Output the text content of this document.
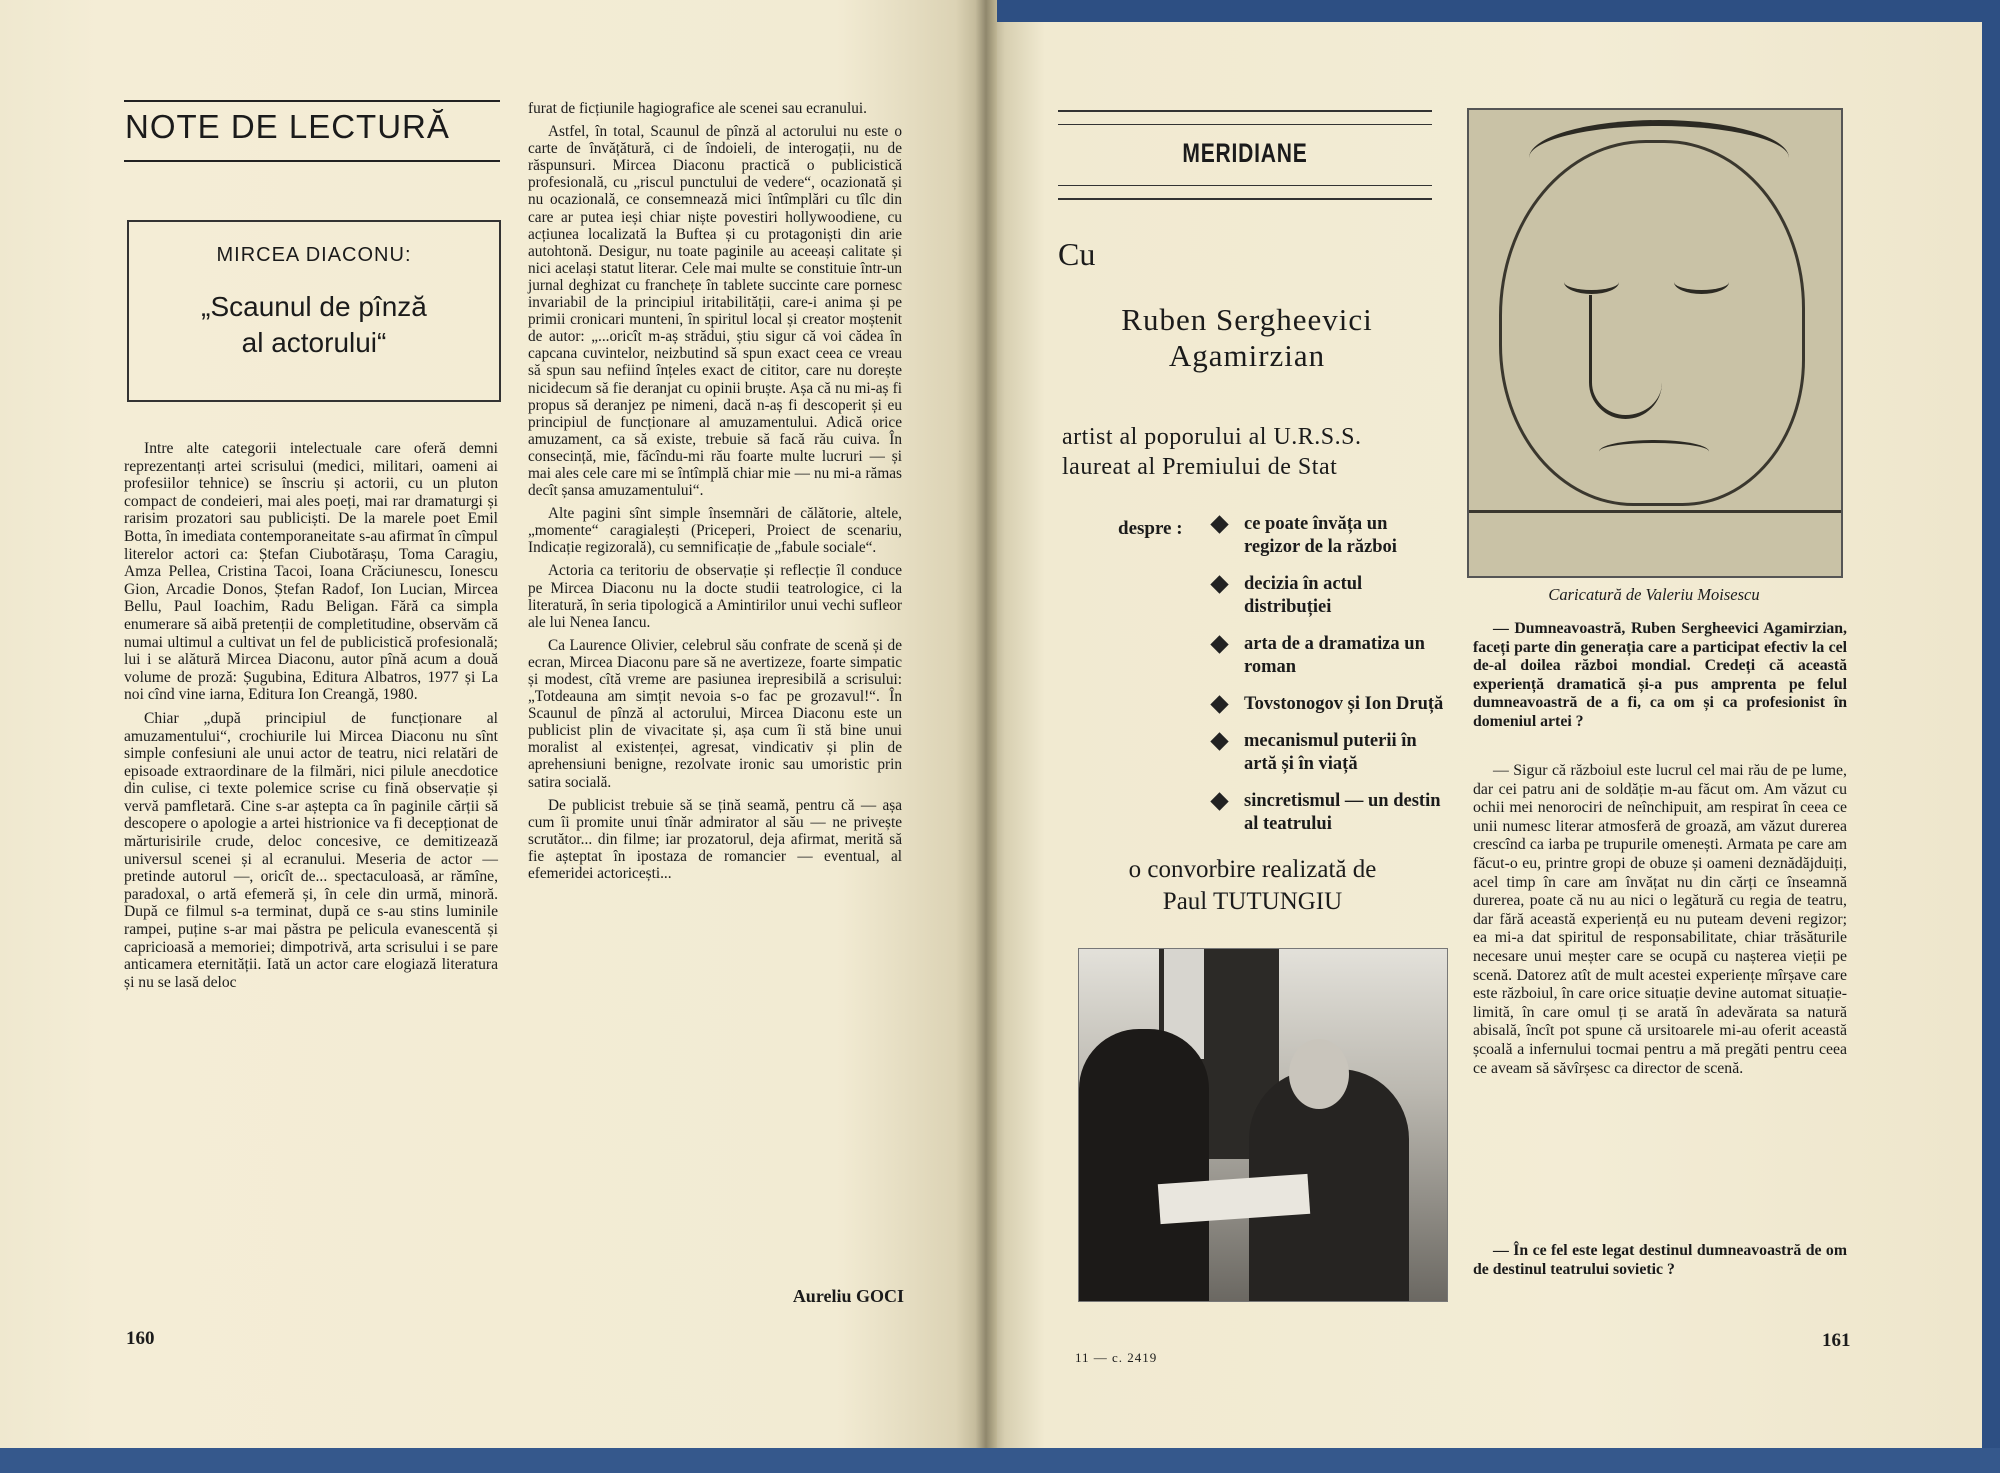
NOTE DE LECTURĂ
MIRCEA DIACONU:
„Scaunul de pînză
al actorului“

Intre alte categorii intelectuale care oferă demni reprezentanți artei scrisului (medici, militari, oameni ai profesiilor tehnice) se înscriu și actorii, cu un pluton compact de condeieri, mai ales poeți, mai rar dramaturgi și rarisim prozatori sau publiciști. De la marele poet Emil Botta, în imediata contemporaneitate s-au afirmat în cîmpul literelor actori ca: Ștefan Ciubotărașu, Toma Caragiu, Amza Pellea, Cristina Tacoi, Ioana Crăciunescu, Ionescu Gion, Arcadie Donos, Ștefan Radof, Ion Lucian, Mircea Bellu, Paul Ioachim, Radu Beligan. Fără ca simpla enumerare să aibă pretenții de completitudine, observăm că numai ultimul a cultivat un fel de publicistică profesională; lui i se alătură Mircea Diaconu, autor pînă acum a două volume de proză: Șugubina, Editura Albatros, 1977 și La noi cînd vine iarna, Editura Ion Creangă, 1980.

Chiar „după principiul de funcționare al amuzamentului“, crochiurile lui Mircea Diaconu nu sînt simple confesiuni ale unui actor de teatru, nici relatări de episoade extraordinare de la filmări, nici pilule anecdotice din culise, ci texte polemice scrise cu fină observație și vervă pamfletară. Cine s-ar aștepta ca în paginile cărții să descopere o apologie a artei histrionice va fi decepționat de mărturisirile crude, deloc concesive, ce demitizează universul scenei și al ecranului. Meseria de actor — pretinde autorul —, oricît de... spectaculoasă, ar rămîne, paradoxal, o artă efemeră și, în cele din urmă, minoră. După ce filmul s-a terminat, după ce s-au stins luminile rampei, puține s-ar mai păstra pe pelicula evanescentă și capricioasă a memoriei; dimpotrivă, arta scrisului i se pare anticamera eternității. Iată un actor care elogiază literatura și nu se lasă deloc

furat de ficțiunile hagiografice ale scenei sau ecranului.

Astfel, în total, Scaunul de pînză al actorului nu este o carte de învățătură, ci de îndoieli, de interogații, nu de răspunsuri. Mircea Diaconu practică o publicistică profesională, cu „riscul punctului de vedere“, ocazionată și nu ocazională, ce consemnează mici întîmplări cu tîlc din care ar putea ieși chiar niște povestiri hollywoodiene, cu acțiunea localizată la Buftea și cu protagoniști din arie autohtonă. Desigur, nu toate paginile au aceeași calitate și nici același statut literar. Cele mai multe se constituie într-un jurnal deghizat cu franchețe în tablete succinte care pornesc invariabil de la principiul iritabilității, care-i anima și pe primii cronicari munteni, în spiritul local și creator moștenit de autor: „...oricît m-aș strădui, știu sigur că voi cădea în capcana cuvintelor, neizbutind să spun exact ceea ce vreau să spun sau nefiind înțeles exact de cititor, care nu dorește nicidecum să fie deranjat cu opinii bruște. Așa că nu mi-aș fi propus să deranjez pe nimeni, dacă n-aș fi descoperit și eu principiul de funcționare al amuzamentului. Adică orice amuzament, ca să existe, trebuie să facă rău cuiva. În consecință, mie, făcîndu-mi rău foarte multe lucruri — și mai ales cele care mi se întîmplă chiar mie — nu mi-a rămas decît șansa amuzamentului“.

Alte pagini sînt simple însemnări de călătorie, altele, „momente“ caragialești (Priceperi, Proiect de scenariu, Indicație regizorală), cu semnificație de „fabule sociale“.

Actoria ca teritoriu de observație și reflecție îl conduce pe Mircea Diaconu nu la docte studii teatrologice, ci la literatură, în seria tipologică a Amintirilor unui vechi sufleor ale lui Nenea Iancu.

Ca Laurence Olivier, celebrul său confrate de scenă și de ecran, Mircea Diaconu pare să ne avertizeze, foarte simpatic și modest, cîtă vreme are pasiunea irepresibilă a scrisului: „Totdeauna am simțit nevoia s-o fac pe grozavul!“. În Scaunul de pînză al actorului, Mircea Diaconu este un publicist plin de vivacitate și, așa cum îi stă bine unui moralist al existenței, agresat, vindicativ și plin de aprehensiuni benigne, rezolvate ironic sau umoristic prin satira socială.

De publicist trebuie să se țină seamă, pentru că — așa cum îi promite unui tînăr admirator al său — ne privește scrutător... din filme; iar prozatorul, deja afirmat, merită să fie așteptat în ipostaza de romancier — eventual, al efemeridei actoricești...

Aureliu GOCI
160
MERIDIANE
Cu
Ruben Sergheevici
Agamirzian
artist al poporului al U.R.S.S.
laureat al Premiului de Stat
despre :	ce poate învăța un regizor de la război
decizia în actul distribuției
arta de a dramatiza un roman
Tovstonogov și Ion Druță
mecanismul puterii în artă și în viață
sincretismul — un destin al teatrului
o convorbire realizată de
Paul TUTUNGIU
Caricatură de Valeriu Moisescu

— Dumneavoastră, Ruben Sergheevici Agamirzian, faceți parte din generația care a participat efectiv la cel de-al doilea război mondial. Credeți că această experiență dramatică și-a pus amprenta pe felul dumneavoastră de a fi, ca om și ca profesionist în domeniul artei ?

— Sigur că războiul este lucrul cel mai rău de pe lume, dar cei patru ani de soldăție m-au făcut om. Am văzut cu ochii mei nenorociri de neînchipuit, am respirat în ceea ce unii numesc literar atmosferă de groază, am văzut durerea crescînd ca iarba pe trupurile omenești. Armata pe care am făcut-o eu, printre gropi de obuze și oameni deznădăjduiți, acel timp în care am învățat nu din cărți ce înseamnă durerea, poate că nu au nici o legătură cu regia de teatru, dar fără această experiență eu nu puteam deveni regizor; ea mi-a dat spiritul de responsabilitate, chiar trăsăturile necesare unui meșter care se ocupă cu nașterea vieții pe scenă. Datorez atît de mult acestei experiențe mîrșave care este războiul, în care orice situație devine automat situație-limită, în care omul ți se arată în adevărata sa natură abisală, încît pot spune că ursitoarele mi-au oferit această școală a infernului tocmai pentru a mă pregăti pentru ceea ce aveam să săvîrșesc ca director de scenă.

— În ce fel este legat destinul dumneavoastră de om de destinul teatrului sovietic ?

11 — c. 2419
161
